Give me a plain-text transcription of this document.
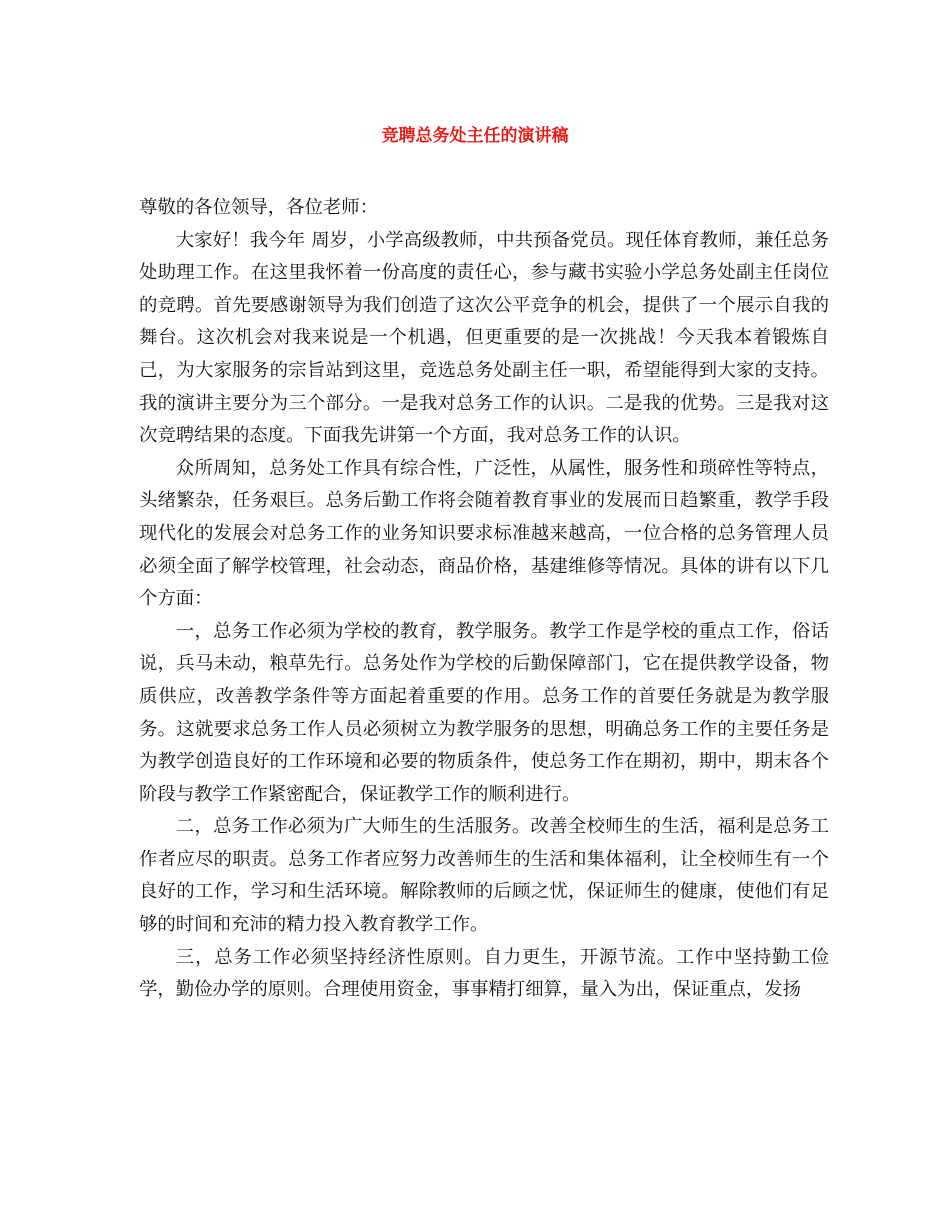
竞聘总务处主任的演讲稿

尊敬的各位领导，各位老师：

大家好！我今年 周岁，小学高级教师，中共预备党员。现任体育教师，兼任总务处助理工作。在这里我怀着一份高度的责任心，参与藏书实验小学总务处副主任岗位的竞聘。首先要感谢领导为我们创造了这次公平竞争的机会，提供了一个展示自我的舞台。这次机会对我来说是一个机遇，但更重要的是一次挑战！今天我本着锻炼自己，为大家服务的宗旨站到这里，竞选总务处副主任一职，希望能得到大家的支持。我的演讲主要分为三个部分。一是我对总务工作的认识。二是我的优势。三是我对这次竞聘结果的态度。下面我先讲第一个方面，我对总务工作的认识。

众所周知，总务处工作具有综合性，广泛性，从属性，服务性和琐碎性等特点，头绪繁杂，任务艰巨。总务后勤工作将会随着教育事业的发展而日趋繁重，教学手段现代化的发展会对总务工作的业务知识要求标准越来越高，一位合格的总务管理人员必须全面了解学校管理，社会动态，商品价格，基建维修等情况。具体的讲有以下几个方面：

一，总务工作必须为学校的教育，教学服务。教学工作是学校的重点工作，俗话说，兵马未动，粮草先行。总务处作为学校的后勤保障部门，它在提供教学设备，物质供应，改善教学条件等方面起着重要的作用。总务工作的首要任务就是为教学服务。这就要求总务工作人员必须树立为教学服务的思想，明确总务工作的主要任务是为教学创造良好的工作环境和必要的物质条件，使总务工作在期初，期中，期末各个阶段与教学工作紧密配合，保证教学工作的顺利进行。

二，总务工作必须为广大师生的生活服务。改善全校师生的生活，福利是总务工作者应尽的职责。总务工作者应努力改善师生的生活和集体福利，让全校师生有一个良好的工作，学习和生活环境。解除教师的后顾之忧，保证师生的健康，使他们有足够的时间和充沛的精力投入教育教学工作。

三，总务工作必须坚持经济性原则。自力更生，开源节流。工作中坚持勤工俭学，勤俭办学的原则。合理使用资金，事事精打细算，量入为出，保证重点，发扬
